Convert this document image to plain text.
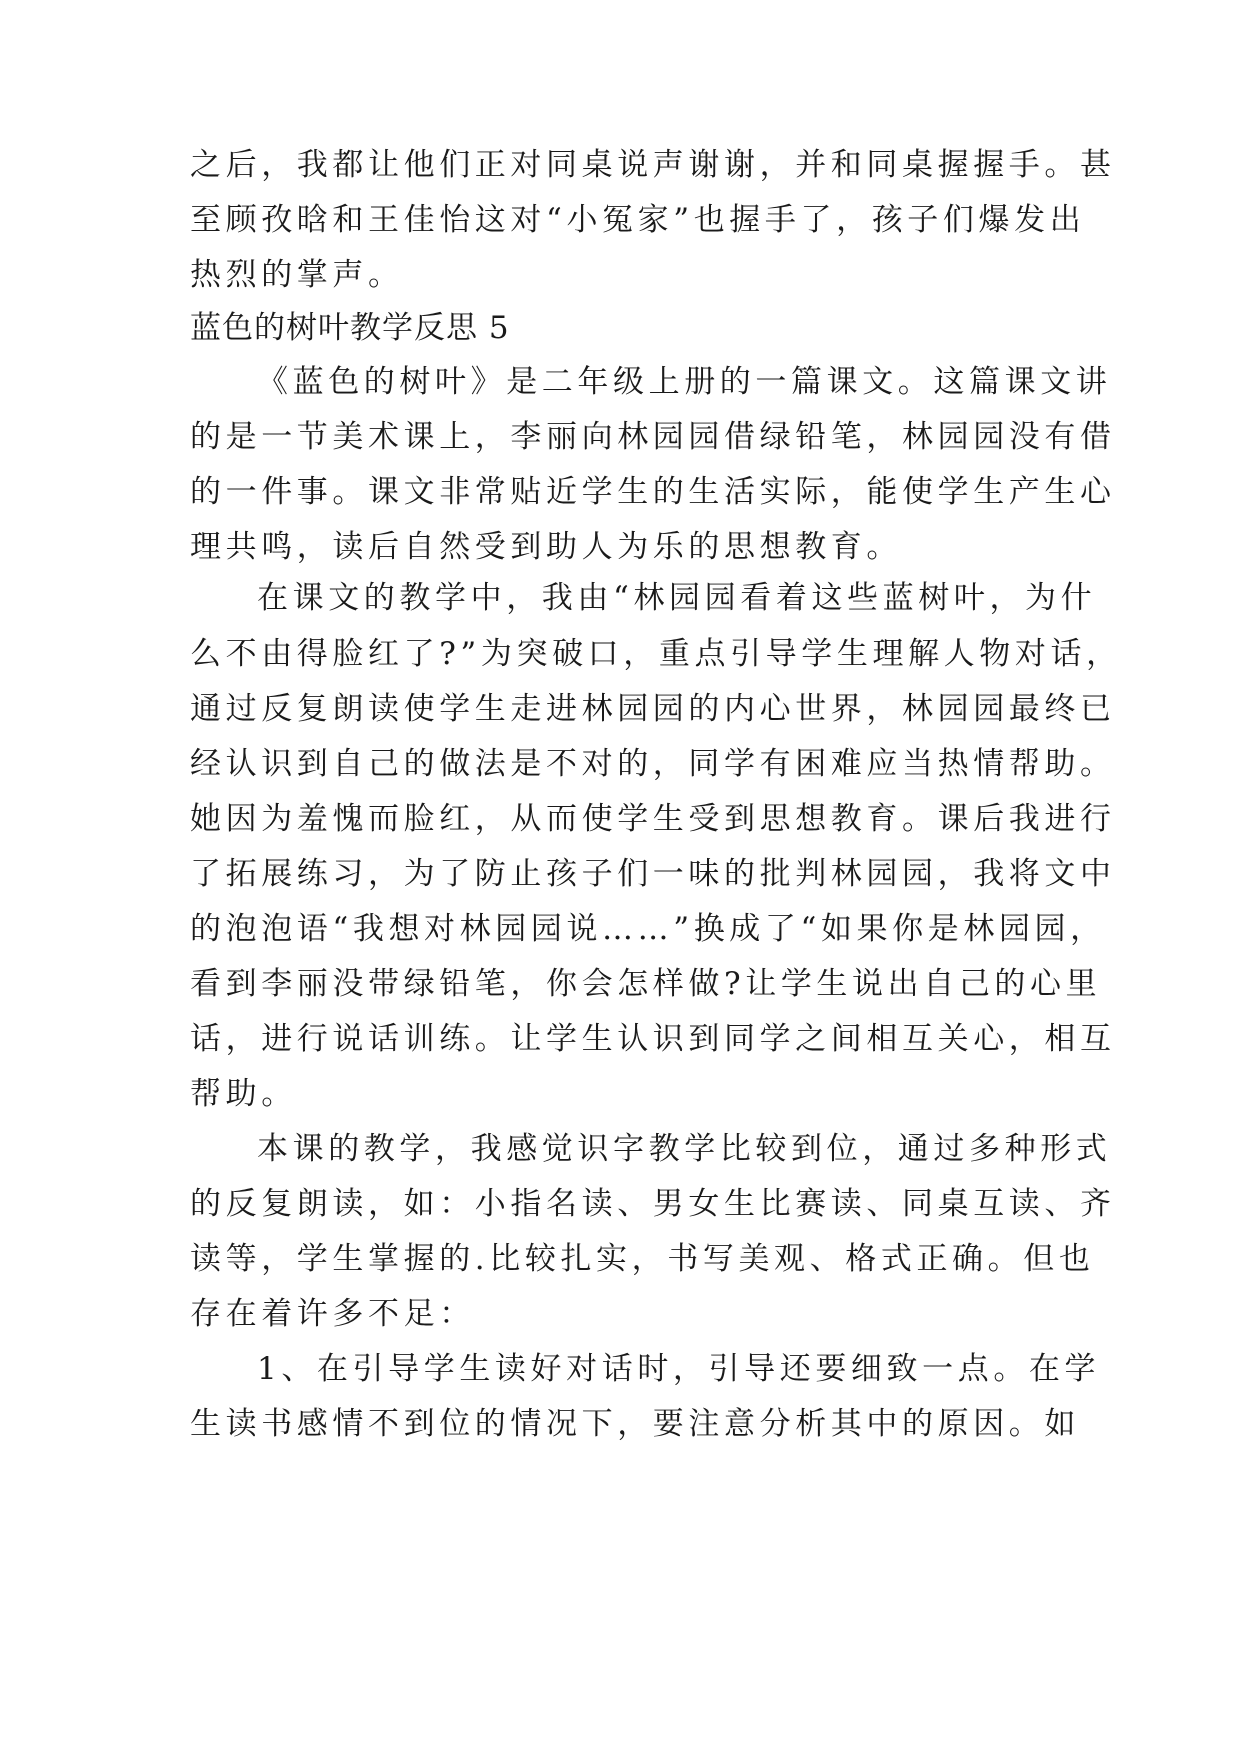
之后，我都让他们正对同桌说声谢谢，并和同桌握握手。甚
至顾孜晗和王佳怡这对“小冤家”也握手了，孩子们爆发出
热烈的掌声。
蓝色的树叶教学反思 5
《蓝色的树叶》是二年级上册的一篇课文。这篇课文讲
的是一节美术课上，李丽向林园园借绿铅笔，林园园没有借
的一件事。课文非常贴近学生的生活实际，能使学生产生心
理共鸣，读后自然受到助人为乐的思想教育。
在课文的教学中，我由“林园园看着这些蓝树叶，为什
么不由得脸红了?”为突破口，重点引导学生理解人物对话，
通过反复朗读使学生走进林园园的内心世界，林园园最终已
经认识到自己的做法是不对的，同学有困难应当热情帮助。
她因为羞愧而脸红，从而使学生受到思想教育。课后我进行
了拓展练习，为了防止孩子们一味的批判林园园，我将文中
的泡泡语“我想对林园园说……”换成了“如果你是林园园，
看到李丽没带绿铅笔，你会怎样做?让学生说出自己的心里
话，进行说话训练。让学生认识到同学之间相互关心，相互
帮助。
本课的教学，我感觉识字教学比较到位，通过多种形式
的反复朗读，如：小指名读、男女生比赛读、同桌互读、齐
读等，学生掌握的.比较扎实，书写美观、格式正确。但也
存在着许多不足：
1、在引导学生读好对话时，引导还要细致一点。在学
生读书感情不到位的情况下，要注意分析其中的原因。如
